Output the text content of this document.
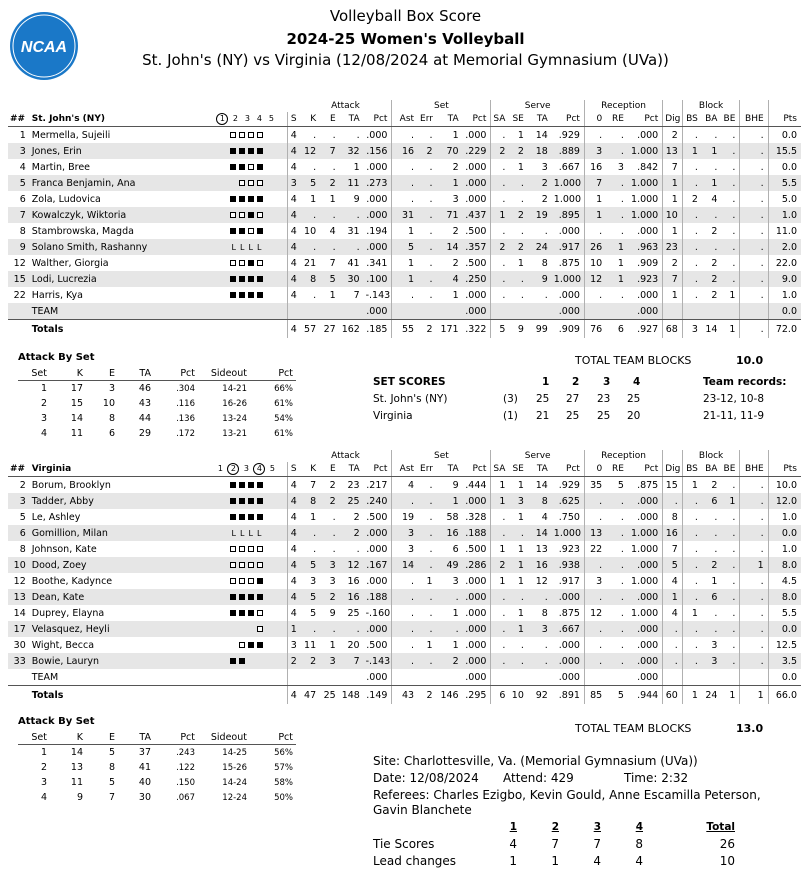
NCAA
Volleyball Box Score
2024-25 Women's Volleyball
St. John's (NY) vs Virginia (12/08/2024 at Memorial Gymnasium (UVa))
				Attack				Set				Serve				Reception				Block				
##	St. John's (NY)	1 2 3 4 5	S	K	E	TA	Pct	Ast	Err	TA	Pct	SA	SE	TA	Pct	0	RE	Pct	Dig	BS	BA	BE	BHE	Pts
1	Mermella, Sujeili		4	.	.	.	.000	.	.	1	.000	.	1	14	.929	.	.	.000	2	.	.	.	.	0.0
3	Jones, Erin		4	12	7	32	.156	16	2	70	.229	2	2	18	.889	3	.	1.000	13	1	1	.	.	15.5
4	Martin, Bree		4	.	.	1	.000	.	.	2	.000	.	1	3	.667	16	3	.842	7	.	.	.	.	0.0
5	Franca Benjamin, Ana		3	5	2	11	.273	.	.	1	.000	.	.	2	1.000	7	.	1.000	1	.	1	.	.	5.5
6	Zola, Ludovica		4	1	1	9	.000	.	.	3	.000	.	.	2	1.000	1	.	1.000	1	2	4	.	.	5.0
7	Kowalczyk, Wiktoria		4	.	.	.	.000	31	.	71	.437	1	2	19	.895	1	.	1.000	10	.	.	.	.	1.0
8	Stambrowska, Magda		4	10	4	31	.194	1	.	2	.500	.	.	.	.000	.	.	.000	1	.	2	.	.	11.0
9	Solano Smith, Rashanny	L L L L	4	.	.	.	.000	5	.	14	.357	2	2	24	.917	26	1	.963	23	.	.	.	.	2.0
12	Walther, Giorgia		4	21	7	41	.341	1	.	2	.500	.	1	8	.875	10	1	.909	2	.	2	.	.	22.0
15	Lodi, Lucrezia		4	8	5	30	.100	1	.	4	.250	.	.	9	1.000	12	1	.923	7	.	2	.	.	9.0
22	Harris, Kya		4	.	1	7	-.143	.	.	1	.000	.	.	.	.000	.	.	.000	1	.	2	1	.	1.0
	TEAM						.000				.000				.000			.000						0.0
	Totals		4	57	27	162	.185	55	2	171	.322	5	9	99	.909	76	6	.927	68	3	14	1	.	72.0
				Attack				Set				Serve				Reception				Block				
##	Virginia	1 2 3 4 5	S	K	E	TA	Pct	Ast	Err	TA	Pct	SA	SE	TA	Pct	0	RE	Pct	Dig	BS	BA	BE	BHE	Pts
2	Borum, Brooklyn		4	7	2	23	.217	4	.	9	.444	1	1	14	.929	35	5	.875	15	1	2	.	.	10.0
3	Tadder, Abby		4	8	2	25	.240	.	.	1	.000	1	3	8	.625	.	.	.000	.	.	6	1	.	12.0
5	Le, Ashley		4	1	.	2	.500	19	.	58	.328	.	1	4	.750	.	.	.000	8	.	.	.	.	1.0
6	Gomillion, Milan	L L L L	4	.	.	2	.000	3	.	16	.188	.	.	14	1.000	13	.	1.000	16	.	.	.	.	0.0
8	Johnson, Kate		4	.	.	.	.000	3	.	6	.500	1	1	13	.923	22	.	1.000	7	.	.	.	.	1.0
10	Dood, Zoey		4	5	3	12	.167	14	.	49	.286	2	1	16	.938	.	.	.000	5	.	2	.	1	8.0
12	Boothe, Kadynce		4	3	3	16	.000	.	1	3	.000	1	1	12	.917	3	.	1.000	4	.	1	.	.	4.5
13	Dean, Kate		4	5	2	16	.188	.	.	.	.000	.	.	.	.000	.	.	.000	1	.	6	.	.	8.0
14	Duprey, Elayna		4	5	9	25	-.160	.	.	1	.000	.	1	8	.875	12	.	1.000	4	1	.	.	.	5.5
17	Velasquez, Heyli		1	.	.	.	.000	.	.	.	.000	.	1	3	.667	.	.	.000	.	.	.	.	.	0.0
30	Wight, Becca		3	11	1	20	.500	.	1	1	.000	.	.	.	.000	.	.	.000	.	.	3	.	.	12.5
33	Bowie, Lauryn		2	2	3	7	-.143	.	.	2	.000	.	.	.	.000	.	.	.000	.	.	3	.	.	3.5
	TEAM						.000				.000				.000			.000						0.0
	Totals		4	47	25	148	.149	43	2	146	.295	6	10	92	.891	85	5	.944	60	1	24	1	1	66.0
Attack By Set
Set	K	E	TA	Pct	Sideout	Pct
1	17	3	46	.304	14-21	66%
2	15	10	43	.116	16-26	61%
3	14	8	44	.136	13-24	54%
4	11	6	29	.172	13-21	61%
TOTAL TEAM BLOCKS	10.0
SET SCORES	1 2 3 4	Team records:
St. John's (NY)	(3) 25 27 23 25	23-12, 10-8
Virginia	(1) 21 25 25 20	21-11, 11-9
Attack By Set
Set	K	E	TA	Pct	Sideout	Pct
1	14	5	37	.243	14-25	56%
2	13	8	41	.122	15-26	57%
3	11	5	40	.150	14-24	58%
4	9	7	30	.067	12-24	50%
TOTAL TEAM BLOCKS	13.0
Site: Charlottesville, Va. (Memorial Gymnasium (UVa))
Date: 12/08/2024 Attend: 429	Time: 2:32
Referees: Charles Ezigbo, Kevin Gould, Anne Escamilla Peterson,
Gavin Blanchete
	1	2	3	4	Total
Tie Scores	4	7	7	8	26
Lead changes	1	1	4	4	10
